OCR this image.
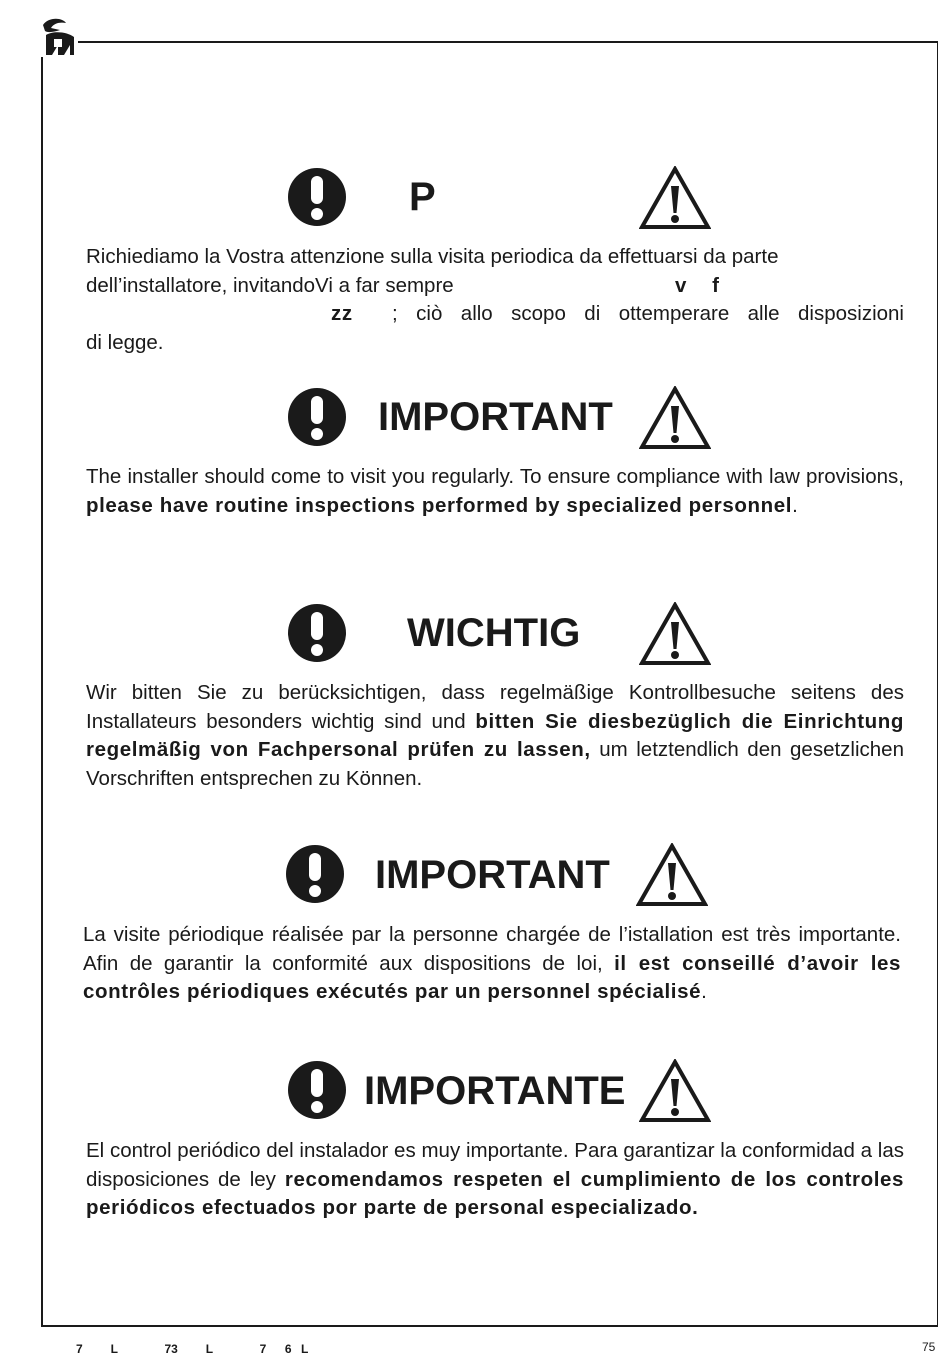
P
Richiediamo la Vostra attenzione sulla visita periodica da effettuarsi da parte
dell’installatore, invitandoVi a far sempre	v    f
zz ; ciò allo scopo di ottemperare alle disposizioni
di legge.
IMPORTANT
The installer should come to visit you regularly. To ensure compliance with law provisions, please have routine inspections performed by specialized personnel.
WICHTIG
Wir bitten Sie zu berücksichtigen, dass regelmäßige Kontrollbesuche seitens des Installateurs besonders wichtig sind und bitten Sie diesbezüglich die Einrichtung regelmäßig von Fachpersonal prüfen zu lassen, um letztendlich den gesetzlichen Vorschriften entsprechen zu Können.
IMPORTANT
La visite périodique réalisée par la personne chargée de l’istallation est très importante. Afin de garantir la conformité aux dispositions de loi, il est conseillé d’avoir les contrôles périodiques exécutés par un personnel spécialisé.
IMPORTANTE
El control periódico del instalador es muy importante. Para garantizar la conformidad a las disposiciones de ley recomendamos respeten el cumplimiento de los controles periódicos efectuados por parte de personal especializado.
7   L     73   L     7  6 L	75
